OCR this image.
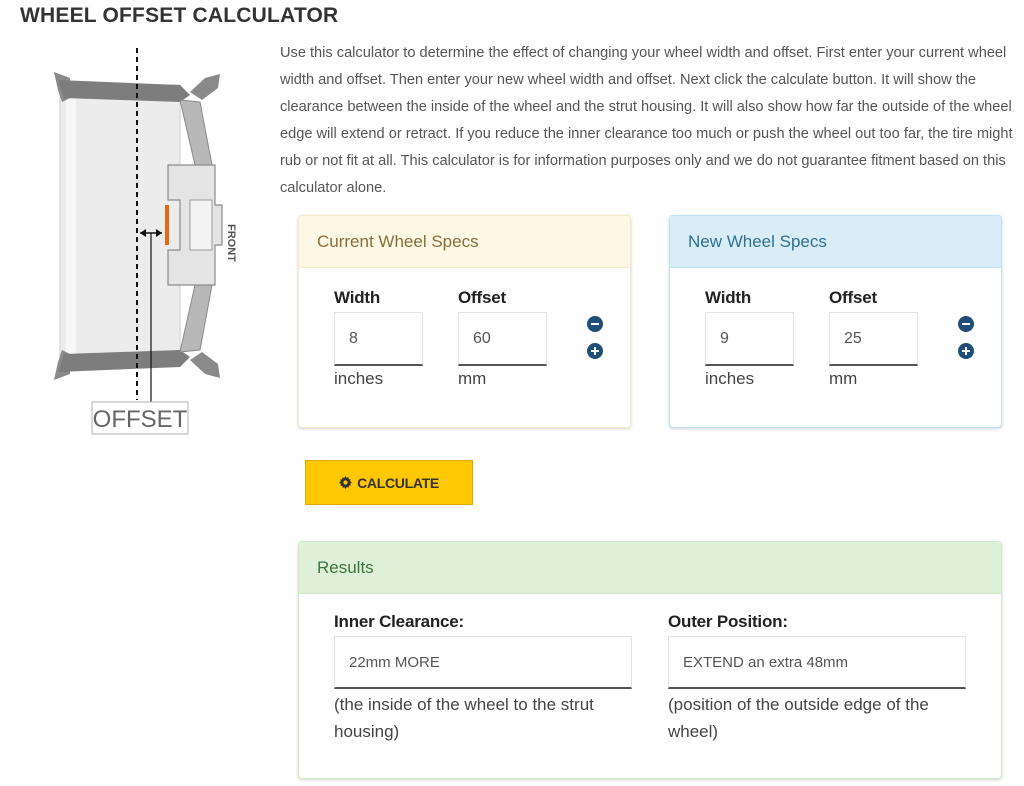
WHEEL OFFSET CALCULATOR
FRONT
OFFSET

Use this calculator to determine the effect of changing your wheel width and offset. First enter your current wheel width and offset. Then enter your new wheel width and offset. Next click the calculate button. It will show the clearance between the inside of the wheel and the strut housing. It will also show how far the outside of the wheel edge will extend or retract. If you reduce the inner clearance too much or push the wheel out too far, the tire might rub or not fit at all. This calculator is for information purposes only and we do not guarantee fitment based on this calculator alone.

Current Wheel Specs
Width
8
inches
Offset
60
mm
New Wheel Specs
Width
9
inches
Offset
25
mm
CALCULATE
Results
Inner Clearance:
22mm MORE
(the inside of the wheel to the strut housing)
Outer Position:
EXTEND an extra 48mm
(position of the outside edge of the wheel)
